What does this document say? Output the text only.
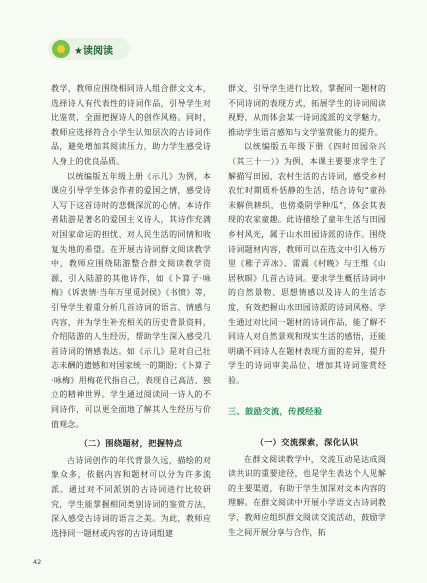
★读阅读

教学，教师应围绕相同诗人组合群文文本，选择诗人有代表性的诗词作品，引导学生对比鉴赏，全面把握诗人的创作风格。同时，教师应选择符合小学生认知层次的古诗词作品，避免增加其阅读压力，助力学生感受诗人身上的优良品质。

以统编版五年级上册《示儿》为例，本课应引导学生体会作者的爱国之情，感受诗人写下这首诗时的悲慨深沉的心情。本诗作者陆游是著名的爱国主义诗人，其诗作充满对国家命运的担忧、对人民生活的同情和收复失地的希望。在开展古诗词群文阅读教学中，教师应围绕陆游整合群文阅读教学资源，引入陆游的其他诗作，如《卜算子·咏梅》《诉衷情·当年万里觅封侯》《书愤》等，引导学生着重分析几首诗词的语言、情感与内容，并为学生补充相关的历史背景资料，介绍陆游的人生经历，帮助学生深入感受几首诗词的情感表达。如《示儿》是对自己壮志未酬的遗憾和对国家统一的期盼；《卜算子·咏梅》用梅花代指自己，表现自己高洁、独立的精神世界。学生通过阅读同一诗人的不同诗作，可以更全面地了解其人生经历与价值观念。

（二）围绕题材，把握特点

古诗词创作的年代背景久远，描绘的对象众多，依据内容和题材可以分为许多流派。通过对不同派别的古诗词进行比较研究，学生能掌握相同类别诗词的鉴赏方法，深入感受古诗词的语言之美。为此，教师应选择同一题材或内容的古诗词组建

群文，引导学生进行比较，掌握同一题材的不同诗词的表现方式，拓展学生的诗词阅读视野，从而体会某一诗词流派的文学魅力，推动学生语言感知与文学鉴赏能力的提升。

以统编版五年级下册《四时田园杂兴（其三十一）》为例，本课主要要求学生了解描写田园、农村生活的古诗词，感受乡村农忙时期质朴恬静的生活，结合诗句“童孙未解供耕织，也傍桑阴学种瓜”，体会其表现的农家童趣。此诗描绘了童年生活与田园乡村风光，属于山水田园诗派的诗作。围绕诗词题材内容，教师可以在选文中引入杨万里《稚子弄冰》、雷震《村晚》与王维《山居秋暝》几首古诗词。要求学生概括诗词中的自然景物、思想情感以及诗人的生活态度，有效把握山水田园诗派的诗词风格。学生通过对比同一题材的诗词作品，能了解不同诗人对自然景观和现实生活的感悟，还能明确不同诗人在题材表现方面的差异，提升学生的诗词审美品位，增加其诗词鉴赏经验。

三、鼓励交流，传授经验
（一）交流探索，深化认识

在群文阅读教学中，交流互动是达成阅读共识的重要途径，也是学生表达个人见解的主要渠道，有助于学生加深对文本内容的理解。在群文阅读中开展小学语文古诗词教学，教师应组织群文阅读交流活动，鼓励学生之间开展分享与合作，拓

42
